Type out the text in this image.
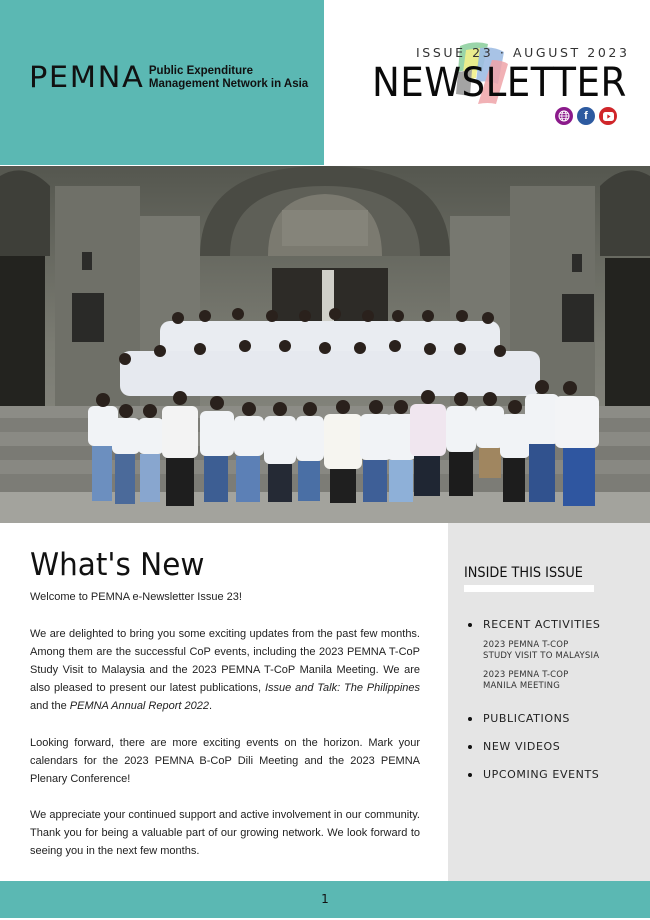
PEMNA Public Expenditure
Management Network in Asia
ISSUE 23 · AUGUST 2023
NEWSLETTER
f
What's New

Welcome to PEMNA e-Newsletter Issue 23!

We are delighted to bring you some exciting updates from the past few months. Among them are the successful CoP events, including the 2023 PEMNA T-CoP Study Visit to Malaysia and the 2023 PEMNA T-CoP Manila Meeting. We are also pleased to present our latest publications, Issue and Talk: The Philippines and the PEMNA Annual Report 2022.

Looking forward, there are more exciting events on the horizon. Mark your calendars for the 2023 PEMNA B-CoP Dili Meeting and the 2023 PEMNA Plenary Conference!

We appreciate your continued support and active involvement in our community. Thank you for being a valuable part of our growing network. We look forward to seeing you in the next few months.

INSIDE THIS ISSUE
RECENT ACTIVITIES
2023 PEMNA T-COP
STUDY VISIT TO MALAYSIA
2023 PEMNA T-COP
MANILA MEETING
PUBLICATIONS
NEW VIDEOS
UPCOMING EVENTS
1
